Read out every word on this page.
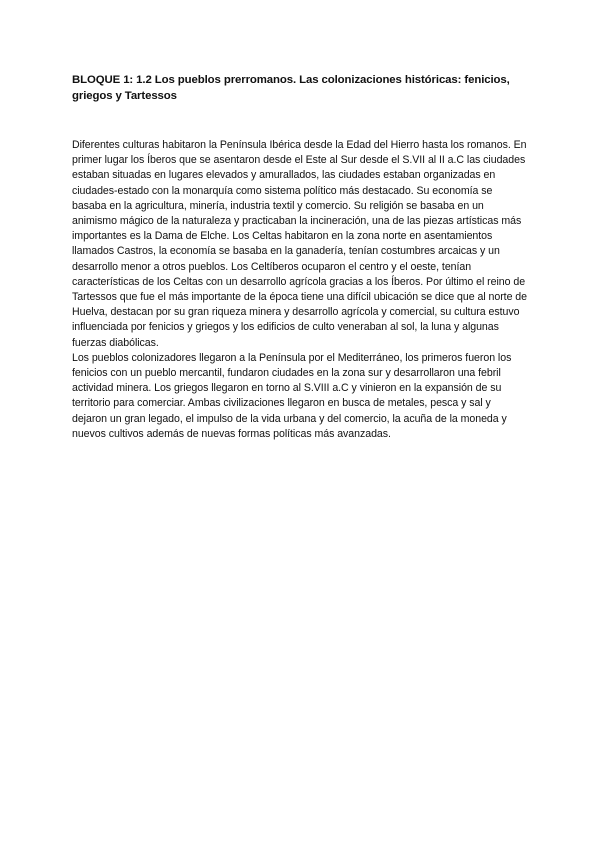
BLOQUE 1: 1.2 Los pueblos prerromanos. Las colonizaciones históricas: fenicios, griegos y Tartessos

Diferentes culturas habitaron la Península Ibérica desde la Edad del Hierro hasta los romanos. En primer lugar los Íberos que se asentaron desde el Este al Sur desde el S.VII al II a.C las ciudades estaban situadas en lugares elevados y amurallados, las ciudades estaban organizadas en ciudades-estado con la monarquía como sistema político más destacado. Su economía se basaba en la agricultura, minería, industria textil y comercio. Su religión se basaba en un animismo mágico de la naturaleza y practicaban la incineración, una de las piezas artísticas más importantes es la Dama de Elche. Los Celtas habitaron en la zona norte en asentamientos llamados Castros, la economía se basaba en la ganadería, tenían costumbres arcaicas y un desarrollo menor a otros pueblos. Los Celtíberos ocuparon el centro y el oeste, tenían características de los Celtas con un desarrollo agrícola gracias a los Íberos. Por último el reino de Tartessos que fue el más importante de la época tiene una difícil ubicación se dice que al norte de Huelva, destacan por su gran riqueza minera y desarrollo agrícola y comercial, su cultura estuvo influenciada por fenicios y griegos y los edificios de culto veneraban al sol, la luna y algunas fuerzas diabólicas.

Los pueblos colonizadores llegaron a la Península por el Mediterráneo, los primeros fueron los fenicios con un pueblo mercantil, fundaron ciudades en la zona sur y desarrollaron una febril actividad minera. Los griegos llegaron en torno al S.VIII a.C y vinieron en la expansión de su territorio para comerciar. Ambas civilizaciones llegaron en busca de metales, pesca y sal y dejaron un gran legado, el impulso de la vida urbana y del comercio, la acuña de la moneda y nuevos cultivos además de nuevas formas políticas más avanzadas.
